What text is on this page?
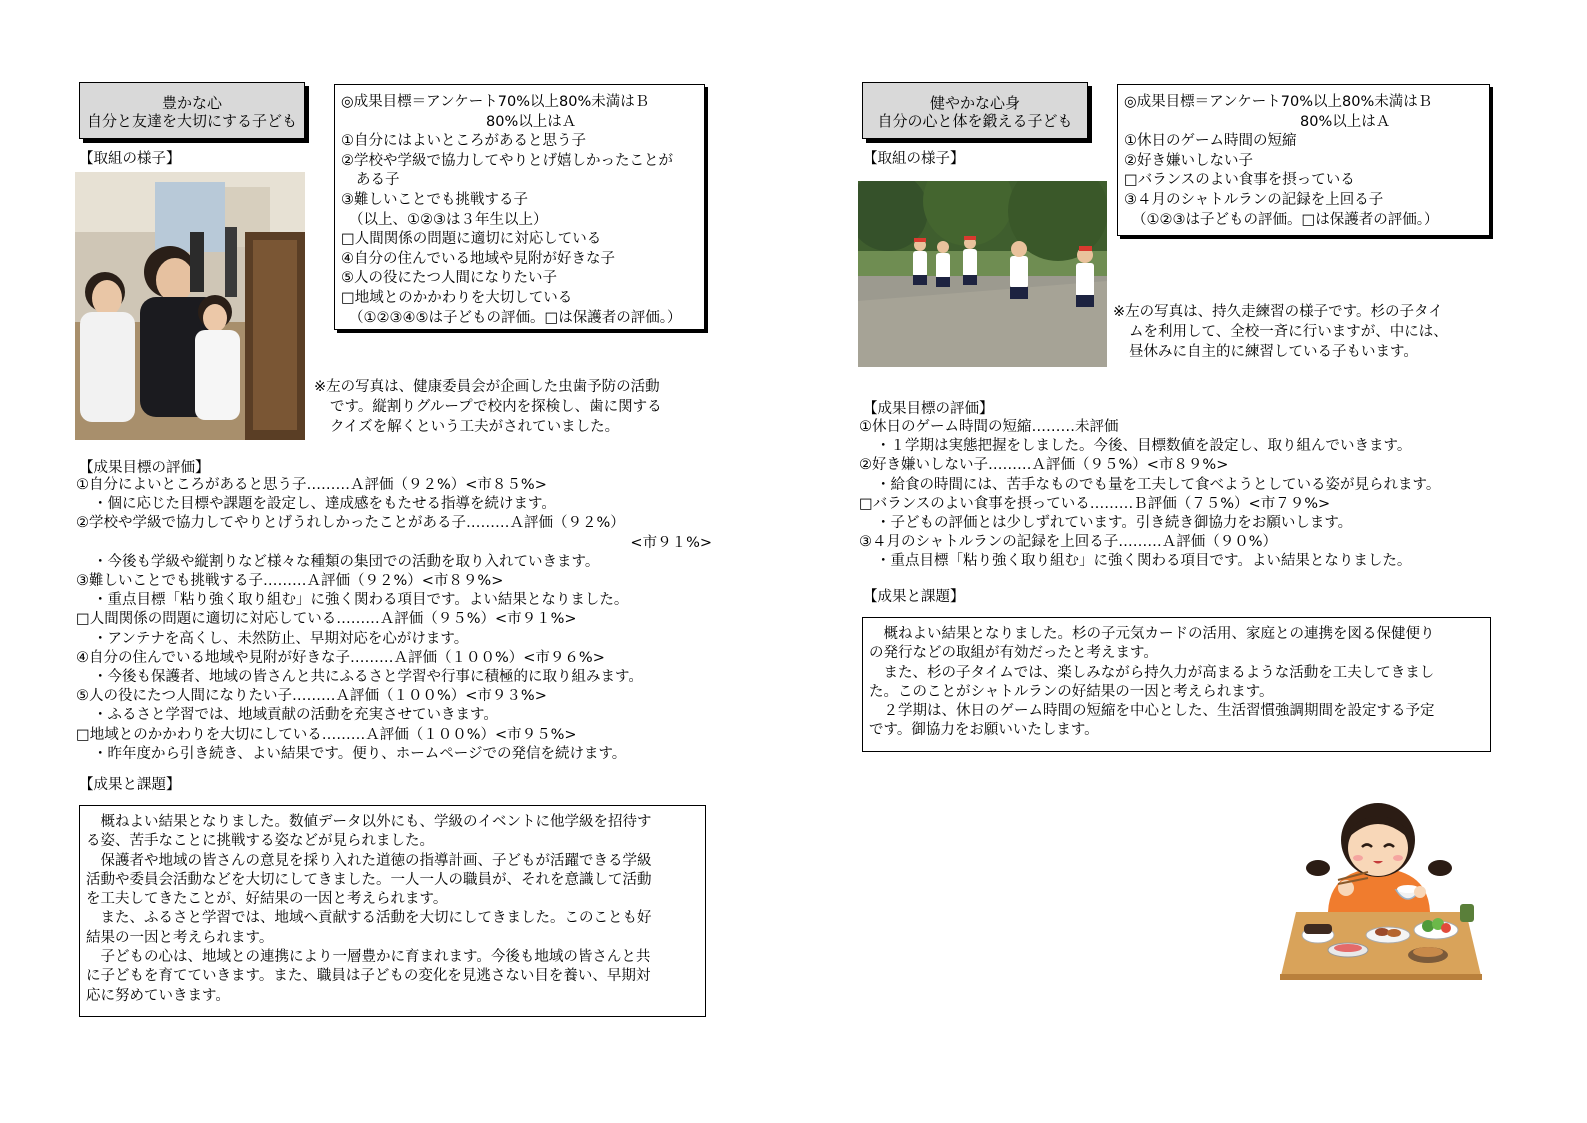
豊かな心
自分と友達を大切にする子ども
【取組の様子】
◎成果目標＝アンケート70%以上80%未満はＢ
80%以上はＡ
①自分にはよいところがあると思う子
②学校や学級で協力してやりとげ嬉しかったことが
ある子
③難しいことでも挑戦する子
（以上、①②③は３年生以上）
□人間関係の問題に適切に対応している
④自分の住んでいる地域や見附が好きな子
⑤人の役にたつ人間になりたい子
□地域とのかかわりを大切している
（①②③④⑤は子どもの評価。□は保護者の評価。）
※左の写真は、健康委員会が企画した虫歯予防の活動
です。縦割りグループで校内を探検し、歯に関する
クイズを解くという工夫がされていました。
【成果目標の評価】
①自分によいところがあると思う子………Ａ評価（９２%）<市８５%>
・個に応じた目標や課題を設定し、達成感をもたせる指導を続けます。
②学校や学級で協力してやりとげうれしかったことがある子………Ａ評価（９２%）
<市９１%>
・今後も学級や縦割りなど様々な種類の集団での活動を取り入れていきます。
③難しいことでも挑戦する子………Ａ評価（９２%）<市８９%>
・重点目標「粘り強く取り組む」に強く関わる項目です。よい結果となりました。
□人間関係の問題に適切に対応している………Ａ評価（９５%）<市９１%>
・アンテナを高くし、未然防止、早期対応を心がけます。
④自分の住んでいる地域や見附が好きな子………Ａ評価（１００%）<市９６%>
・今後も保護者、地域の皆さんと共にふるさと学習や行事に積極的に取り組みます。
⑤人の役にたつ人間になりたい子………Ａ評価（１００%）<市９３%>
・ふるさと学習では、地域貢献の活動を充実させていきます。
□地域とのかかわりを大切にしている………Ａ評価（１００%）<市９５%>
・昨年度から引き続き、よい結果です。便り、ホームページでの発信を続けます。
【成果と課題】
　概ねよい結果となりました。数値データ以外にも、学級のイベントに他学級を招待す
る姿、苦手なことに挑戦する姿などが見られました。
　保護者や地域の皆さんの意見を採り入れた道徳の指導計画、子どもが活躍できる学級
活動や委員会活動などを大切にしてきました。一人一人の職員が、それを意識して活動
を工夫してきたことが、好結果の一因と考えられます。
　また、ふるさと学習では、地域へ貢献する活動を大切にしてきました。このことも好
結果の一因と考えられます。
　子どもの心は、地域との連携により一層豊かに育まれます。今後も地域の皆さんと共
に子どもを育てていきます。また、職員は子どもの変化を見逃さない目を養い、早期対
応に努めていきます。
健やかな心身
自分の心と体を鍛える子ども
【取組の様子】
◎成果目標＝アンケート70%以上80%未満はＢ
80%以上はＡ
①休日のゲーム時間の短縮
②好き嫌いしない子
□バランスのよい食事を摂っている
③４月のシャトルランの記録を上回る子
（①②③は子どもの評価。□は保護者の評価。）
※左の写真は、持久走練習の様子です。杉の子タイ
ムを利用して、全校一斉に行いますが、中には、
昼休みに自主的に練習している子もいます。
【成果目標の評価】
①休日のゲーム時間の短縮………未評価
・１学期は実態把握をしました。今後、目標数値を設定し、取り組んでいきます。
②好き嫌いしない子………Ａ評価（９５%）<市８９%>
・給食の時間には、苦手なものでも量を工夫して食べようとしている姿が見られます。
□バランスのよい食事を摂っている………Ｂ評価（７５%）<市７９%>
・子どもの評価とは少しずれています。引き続き御協力をお願いします。
③４月のシャトルランの記録を上回る子………Ａ評価（９０%）
・重点目標「粘り強く取り組む」に強く関わる項目です。よい結果となりました。
【成果と課題】
　概ねよい結果となりました。杉の子元気カードの活用、家庭との連携を図る保健便り
の発行などの取組が有効だったと考えます。
　また、杉の子タイムでは、楽しみながら持久力が高まるような活動を工夫してきまし
た。このことがシャトルランの好結果の一因と考えられます。
　２学期は、休日のゲーム時間の短縮を中心とした、生活習慣強調期間を設定する予定
です。御協力をお願いいたします。
